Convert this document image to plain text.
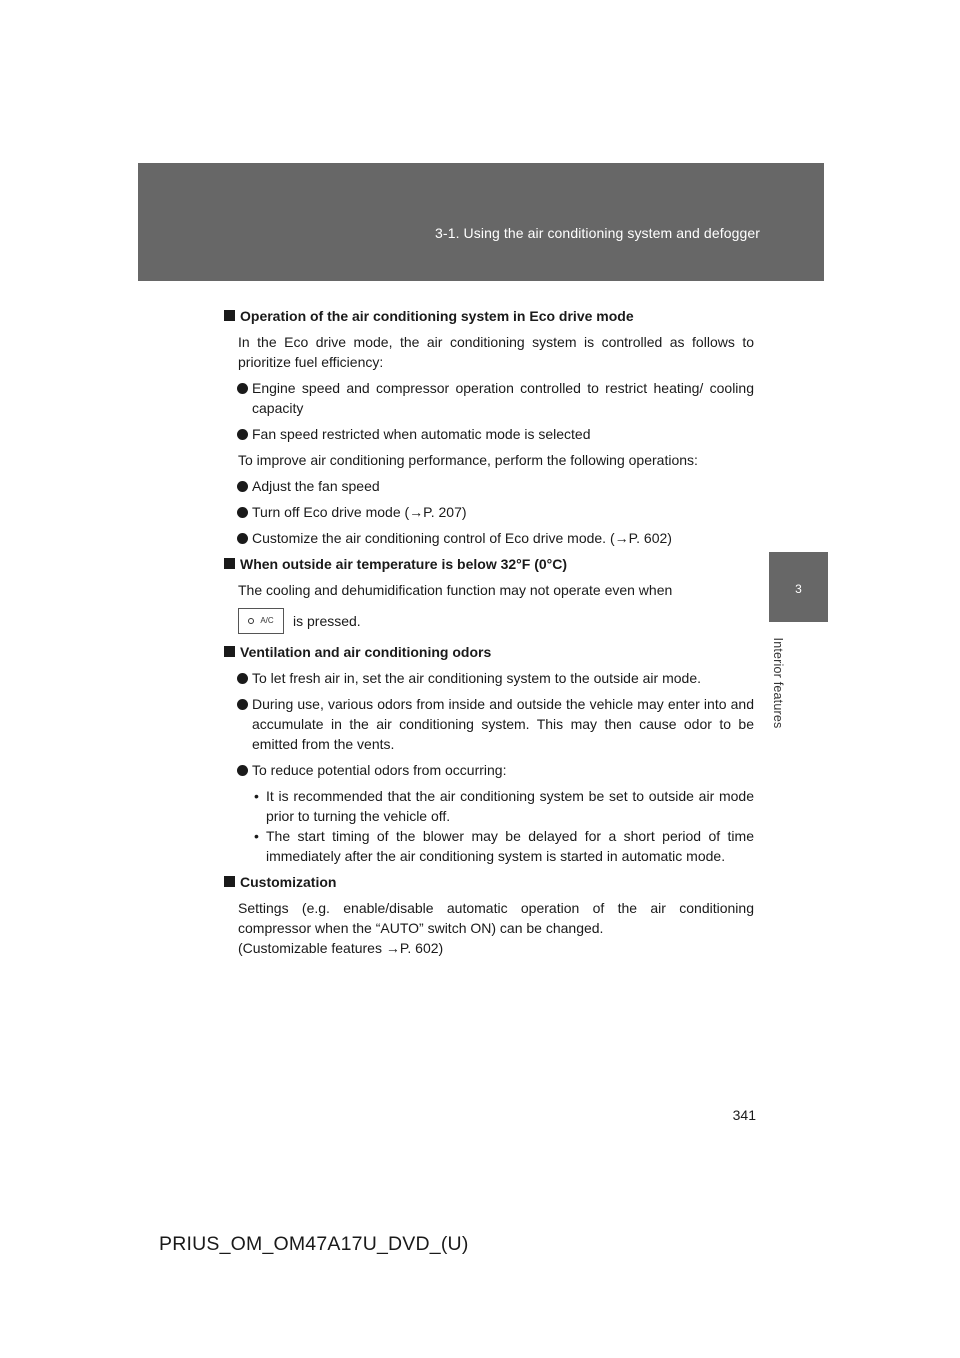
3-1. Using the air conditioning system and defogger
3
Interior features
Operation of the air conditioning system in Eco drive mode
In the Eco drive mode, the air conditioning system is controlled as follows to prioritize fuel efficiency:
Engine speed and compressor operation controlled to restrict heating/ cooling capacity
Fan speed restricted when automatic mode is selected
To improve air conditioning performance, perform the following operations:
Adjust the fan speed
Turn off Eco drive mode (→P. 207)
Customize the air conditioning control of Eco drive mode. (→P. 602)
When outside air temperature is below 32°F (0°C)
The cooling and dehumidification function may not operate even when
A/C is pressed.
Ventilation and air conditioning odors
To let fresh air in, set the air conditioning system to the outside air mode.
During use, various odors from inside and outside the vehicle may enter into and accumulate in the air conditioning system. This may then cause odor to be emitted from the vents.
To reduce potential odors from occurring:
• It is recommended that the air conditioning system be set to outside air mode prior to turning the vehicle off.
• The start timing of the blower may be delayed for a short period of time immediately after the air conditioning system is started in automatic mode.
Customization
Settings (e.g. enable/disable automatic operation of the air conditioning compressor when the “AUTO” switch ON) can be changed.
(Customizable features →P. 602)
341
PRIUS_OM_OM47A17U_DVD_(U)
